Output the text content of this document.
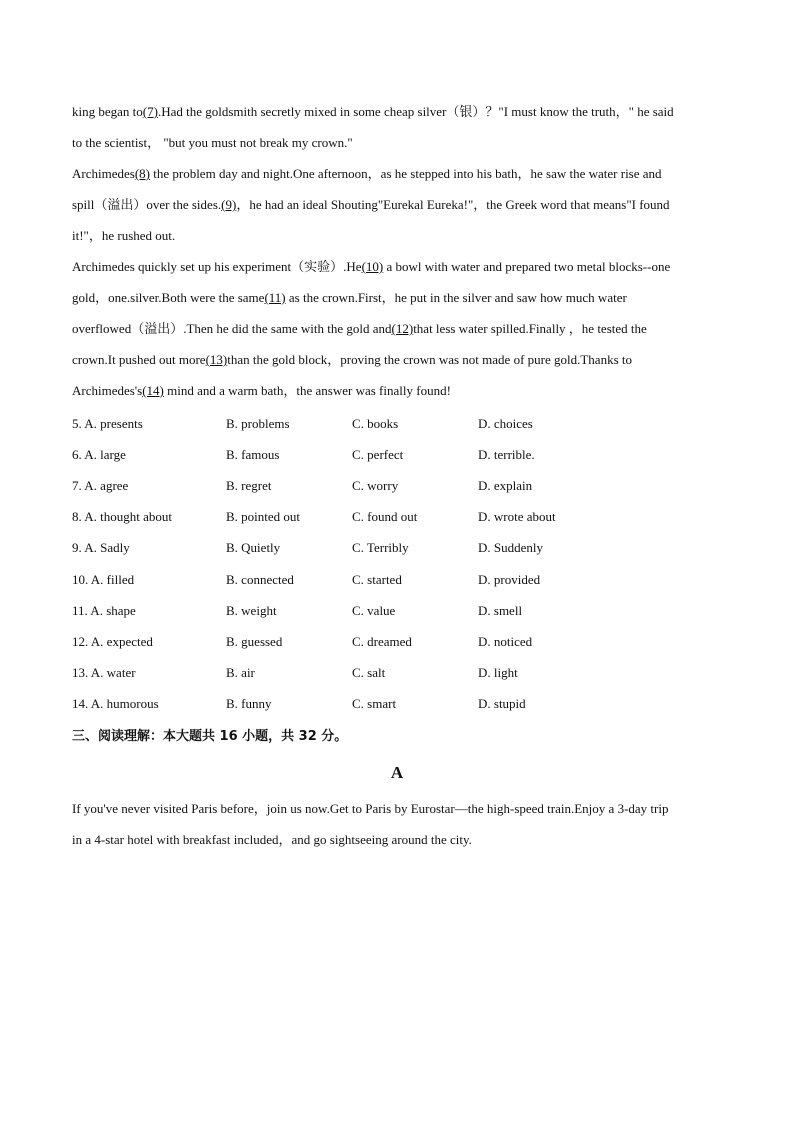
king began to(7).Had the goldsmith secretly mixed in some cheap silver（银）？"I must know the truth，" he said
to the scientist， "but you must not break my crown."
Archimedes(8) the problem day and night.One afternoon，as he stepped into his bath，he saw the water rise and
spill（溢出）over the sides.(9)，he had an ideal Shouting"Eurekal Eureka!"，the Greek word that means"I found
it!"，he rushed out.
Archimedes quickly set up his experiment（实验）.He(10) a bowl with water and prepared two metal blocks--one
gold，one.silver.Both were the same(11) as the crown.First，he put in the silver and saw how much water
overflowed（溢出）.Then he did the same with the gold and(12)that less water spilled.Finally ，he tested the
crown.It pushed out more(13)than the gold block，proving the crown was not made of pure gold.Thanks to
Archimedes's(14) mind and a warm bath，the answer was finally found!
5. A. presents	B. problems	C. books	D. choices
6. A. large	B. famous	C. perfect	D. terrible.
7. A. agree	B. regret	C. worry	D. explain
8. A. thought about	B. pointed out	C. found out	D. wrote about
9. A. Sadly	B. Quietly	C. Terribly	D. Suddenly
10. A. filled	B. connected	C. started	D. provided
11. A. shape	B. weight	C. value	D. smell
12. A. expected	B. guessed	C. dreamed	D. noticed
13. A. water	B. air	C. salt	D. light
14. A. humorous	B. funny	C. smart	D. stupid
三、阅读理解：本大题共 16 小题，共 32 分。
A
If you've never visited Paris before，join us now.Get to Paris by Eurostar—the high-speed train.Enjoy a 3-day trip
in a 4-star hotel with breakfast included，and go sightseeing around the city.
